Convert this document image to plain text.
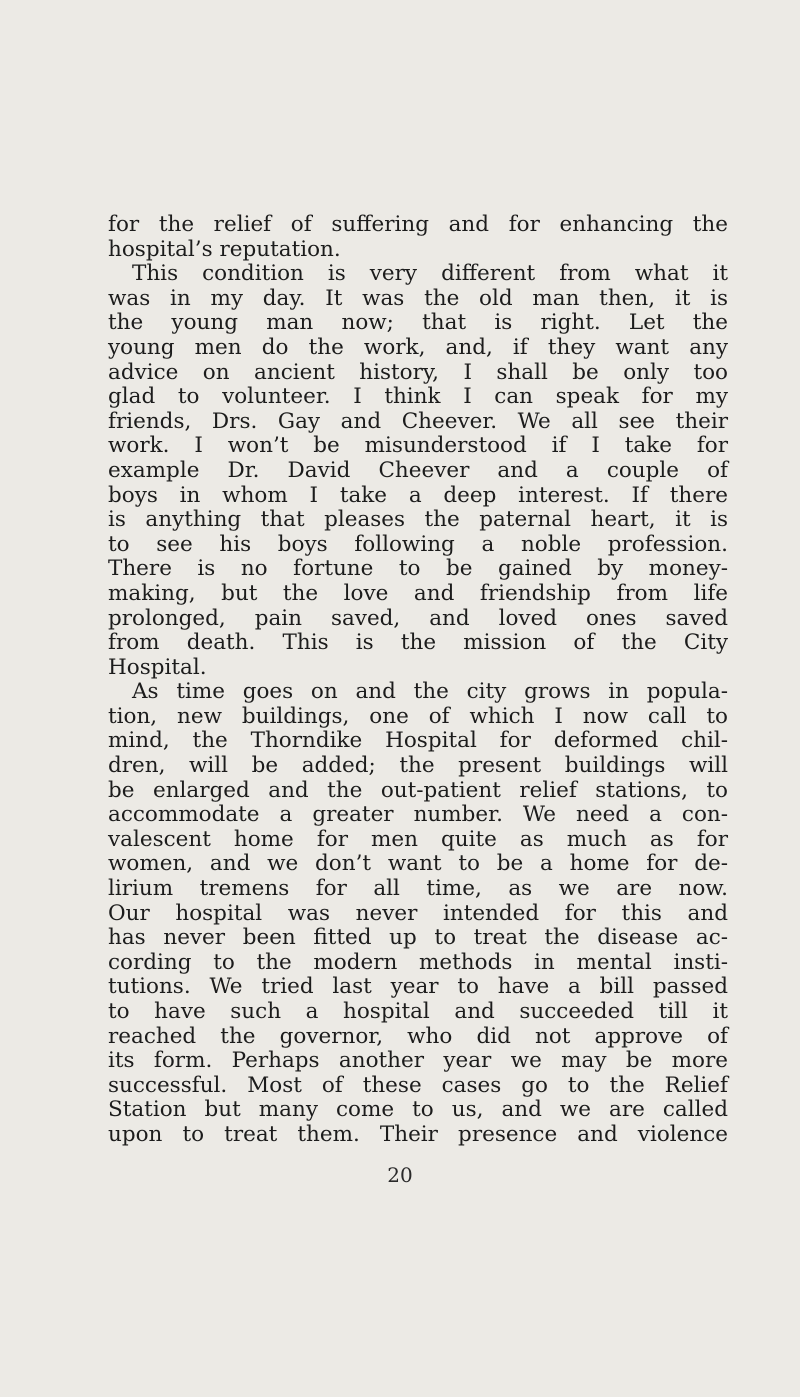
for the relief of suffering and for enhancing the
hospital’s reputation.
This condition is very different from what it
was in my day. It was the old man then, it is
the young man now; that is right. Let the
young men do the work, and, if they want any
advice on ancient history, I shall be only too
glad to volunteer. I think I can speak for my
friends, Drs. Gay and Cheever. We all see their
work. I won’t be misunderstood if I take for
example Dr. David Cheever and a couple of
boys in whom I take a deep interest. If there
is anything that pleases the paternal heart, it is
to see his boys following a noble profession.
There is no fortune to be gained by money-
making, but the love and friendship from life
prolonged, pain saved, and loved ones saved
from death. This is the mission of the City
Hospital.
As time goes on and the city grows in popula-
tion, new buildings, one of which I now call to
mind, the Thorndike Hospital for deformed chil-
dren, will be added; the present buildings will
be enlarged and the out-patient relief stations, to
accommodate a greater number. We need a con-
valescent home for men quite as much as for
women, and we don’t want to be a home for de-
lirium tremens for all time, as we are now.
Our hospital was never intended for this and
has never been fitted up to treat the disease ac-
cording to the modern methods in mental insti-
tutions. We tried last year to have a bill passed
to have such a hospital and succeeded till it
reached the governor, who did not approve of
its form. Perhaps another year we may be more
successful. Most of these cases go to the Relief
Station but many come to us, and we are called
upon to treat them. Their presence and violence
20
